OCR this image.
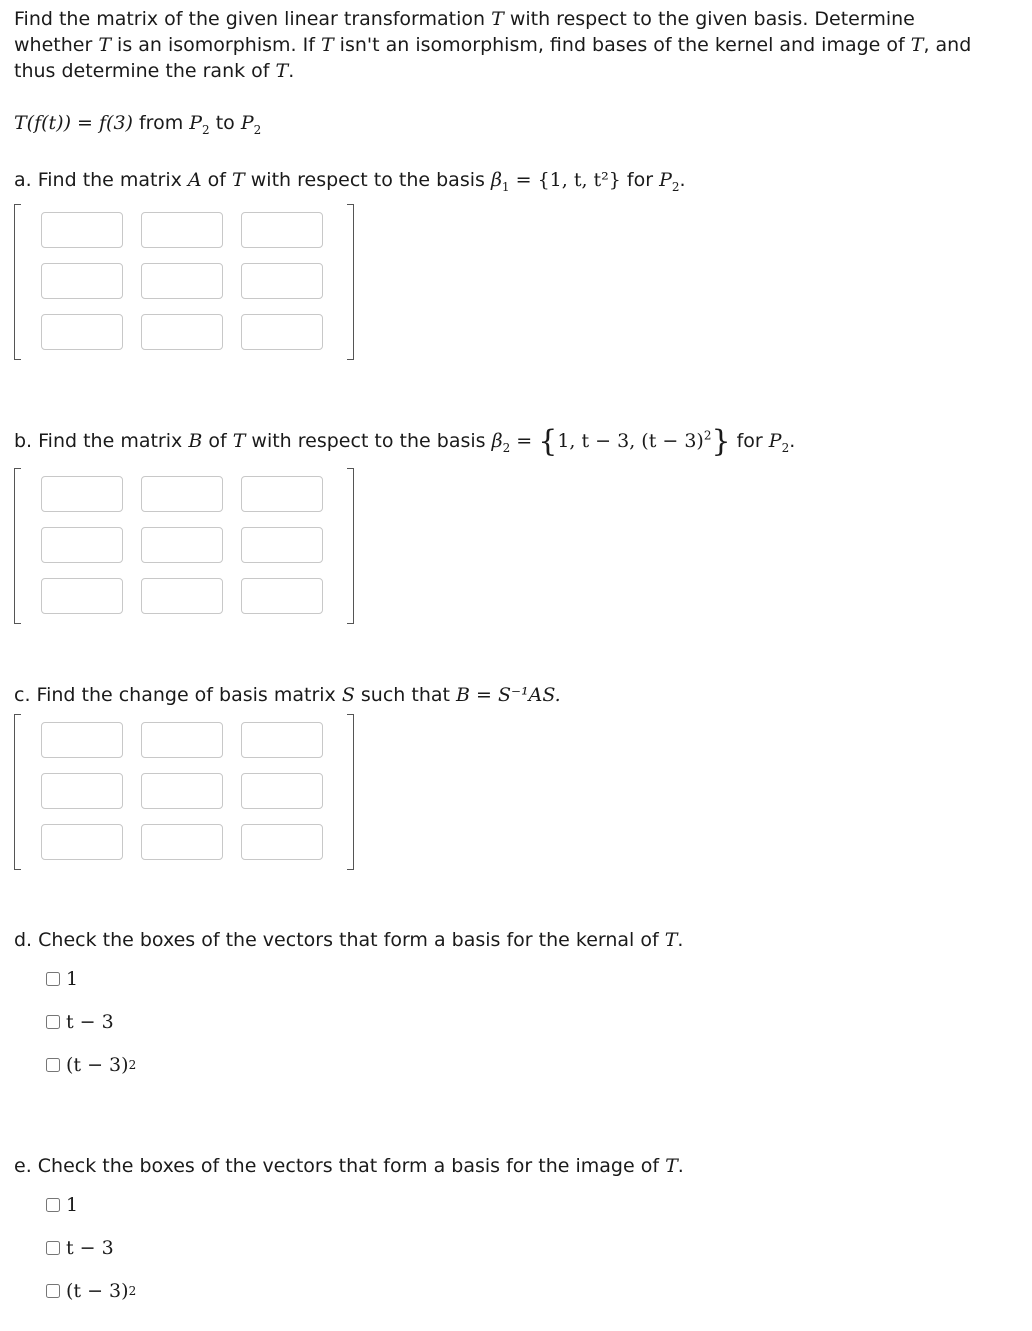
Find the matrix of the given linear transformation T with respect to the given basis. Determine
whether T is an isomorphism. If T isn't an isomorphism, find bases of the kernel and image of T, and
thus determine the rank of T.

T(f(t)) = f(3) from $P_2$ to $P_2$
a. Find the matrix A of T with respect to the basis $\beta_1 = \{1$, t, t²} for $P_2$.
b. Find the matrix B of T with respect to the basis $\beta_2 = \{1$, t − 3, $(t - 3)^2$} for $P_2$.
c. Find the change of basis matrix S such that B = S⁻¹AS.
d. Check the boxes of the vectors that form a basis for the kernal of T.
1
t − 3
(t − 3) 2
e. Check the boxes of the vectors that form a basis for the image of T.
1
t − 3
(t − 3) 2
